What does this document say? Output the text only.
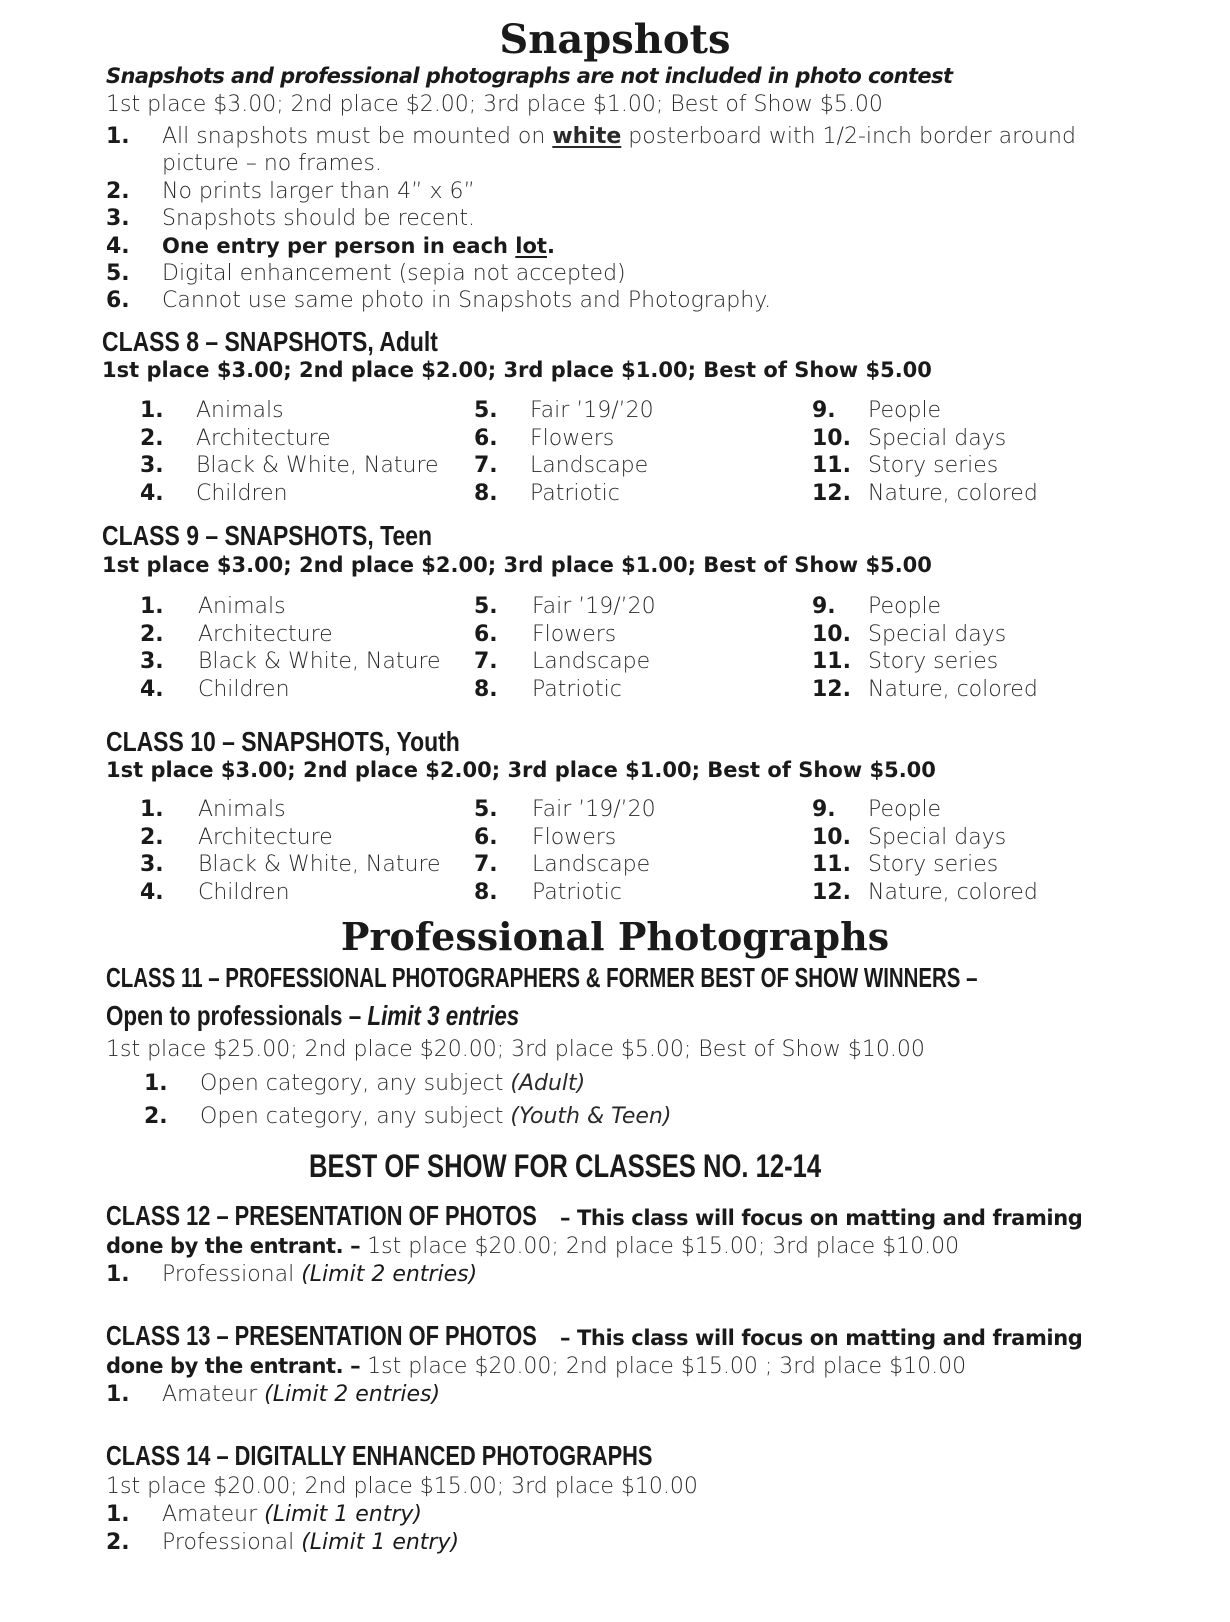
Snapshots
Snapshots and professional photographs are not included in photo contest
1st place $3.00; 2nd place $2.00; 3rd place $1.00; Best of Show $5.00
1. All snapshots must be mounted on white posterboard with 1/2-inch border around
picture – no frames.
2. No prints larger than 4” x 6”
3. Snapshots should be recent.
4. One entry per person in each lot.
5. Digital enhancement (sepia not accepted)
6. Cannot use same photo in Snapshots and Photography.
CLASS 8 – SNAPSHOTS, Adult
1st place $3.00; 2nd place $2.00; 3rd place $1.00; Best of Show $5.00
1. Animals
2. Architecture
3. Black & White, Nature
4. Children
5. Fair ’19/’20
6. Flowers
7. Landscape
8. Patriotic
9. People
10. Special days
11. Story series
12. Nature, colored
CLASS 9 – SNAPSHOTS, Teen
1st place $3.00; 2nd place $2.00; 3rd place $1.00; Best of Show $5.00
1. Animals
2. Architecture
3. Black & White, Nature
4. Children
5. Fair ’19/’20
6. Flowers
7. Landscape
8. Patriotic
9. People
10. Special days
11. Story series
12. Nature, colored
CLASS 10 – SNAPSHOTS, Youth
1st place $3.00; 2nd place $2.00; 3rd place $1.00; Best of Show $5.00
1. Animals
2. Architecture
3. Black & White, Nature
4. Children
5. Fair ’19/’20
6. Flowers
7. Landscape
8. Patriotic
9. People
10. Special days
11. Story series
12. Nature, colored
Professional Photographs
CLASS 11 – PROFESSIONAL PHOTOGRAPHERS & FORMER BEST OF SHOW WINNERS –
Open to professionals – Limit 3 entries
1st place $25.00; 2nd place $20.00; 3rd place $5.00; Best of Show $10.00
1. Open category, any subject (Adult)
2. Open category, any subject (Youth & Teen)
BEST OF SHOW FOR CLASSES NO. 12-14
CLASS 12 – PRESENTATION OF PHOTOS	– This class will focus on matting and framing
done by the entrant. – 1st place $20.00; 2nd place $15.00; 3rd place $10.00
1. Professional (Limit 2 entries)
CLASS 13 – PRESENTATION OF PHOTOS	– This class will focus on matting and framing
done by the entrant. – 1st place $20.00; 2nd place $15.00 ; 3rd place $10.00
1. Amateur (Limit 2 entries)
CLASS 14 – DIGITALLY ENHANCED PHOTOGRAPHS
1st place $20.00; 2nd place $15.00; 3rd place $10.00
1. Amateur (Limit 1 entry)
2. Professional (Limit 1 entry)
